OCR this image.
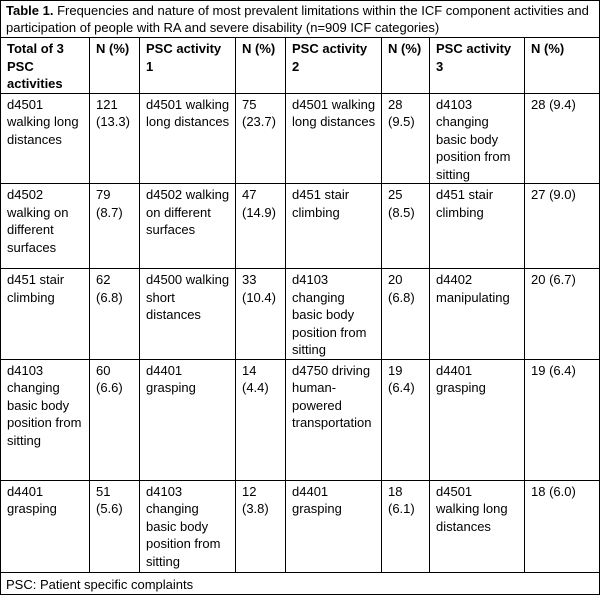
Table 1. Frequencies and nature of most prevalent limitations within the ICF component activities and participation of people with RA and severe disability (n=909 ICF categories)
Total of 3 PSC activities	N (%)	PSC activity 1	N (%)	PSC activity 2	N (%)	PSC activity 3	N (%)
d4501 walking long distances	121 (13.3)	d4501 walking long distances	75 (23.7)	d4501 walking long distances	28 (9.5)	d4103 changing basic body position from sitting	28 (9.4)
d4502 walking on different surfaces	79 (8.7)	d4502 walking on different surfaces	47 (14.9)	d451 stair climbing	25 (8.5)	d451 stair climbing	27 (9.0)
d451 stair climbing	62 (6.8)	d4500 walking short distances	33 (10.4)	d4103 changing basic body position from sitting	20 (6.8)	d4402 manipulating	20 (6.7)
d4103 changing basic body position from sitting	60 (6.6)	d4401 grasping	14 (4.4)	d4750 driving human-powered transportation	19 (6.4)	d4401 grasping	19 (6.4)
d4401 grasping	51 (5.6)	d4103 changing basic body position from sitting	12 (3.8)	d4401 grasping	18 (6.1)	d4501 walking long distances	18 (6.0)
PSC: Patient specific complaints
